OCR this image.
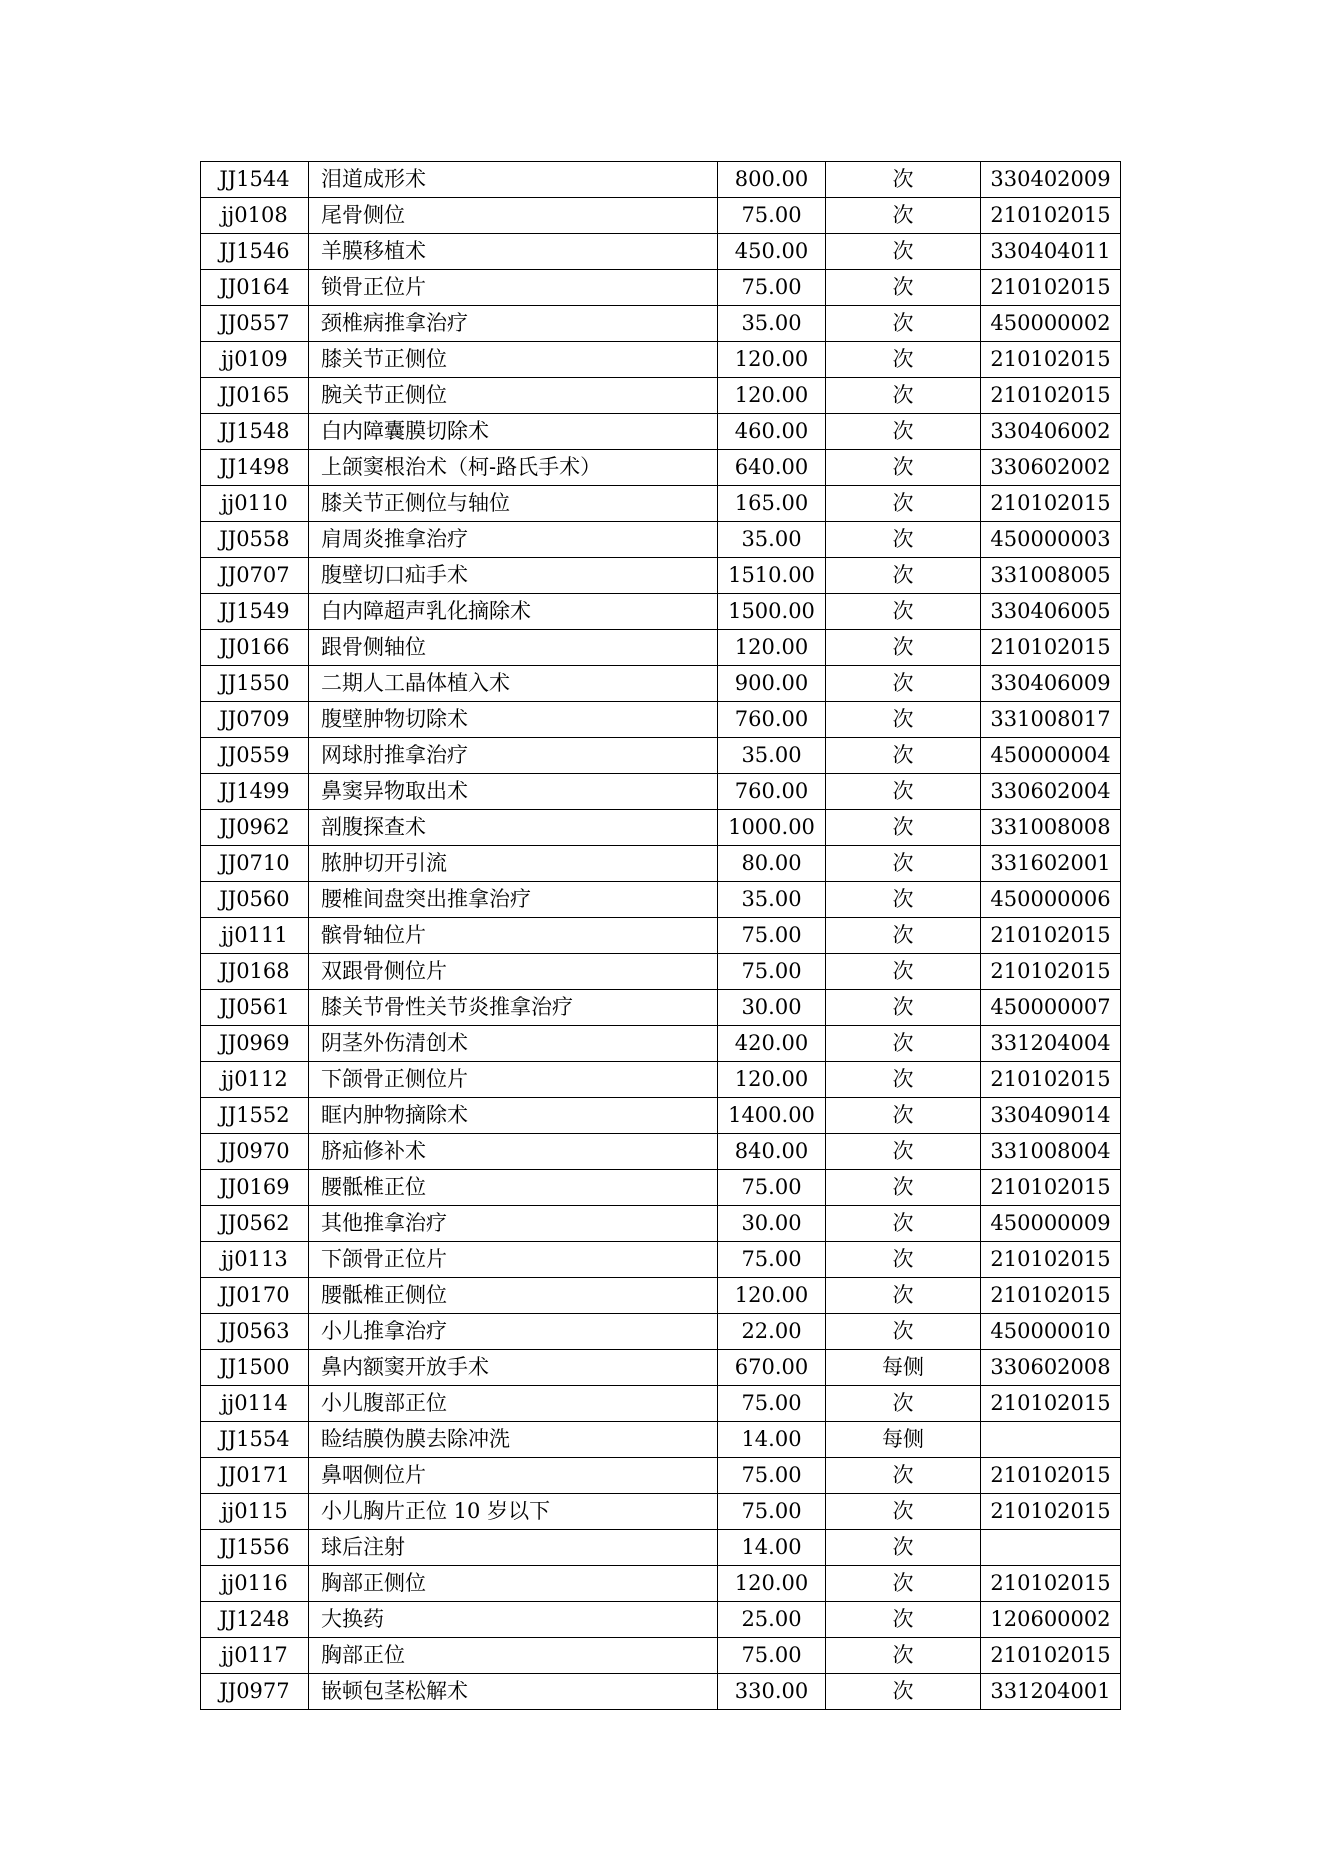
JJ1544	泪道成形术	800.00	次	330402009
jj0108	尾骨侧位	75.00	次	210102015
JJ1546	羊膜移植术	450.00	次	330404011
JJ0164	锁骨正位片	75.00	次	210102015
JJ0557	颈椎病推拿治疗	35.00	次	450000002
jj0109	膝关节正侧位	120.00	次	210102015
JJ0165	腕关节正侧位	120.00	次	210102015
JJ1548	白内障囊膜切除术	460.00	次	330406002
JJ1498	上颌窦根治术（柯-路氏手术）	640.00	次	330602002
jj0110	膝关节正侧位与轴位	165.00	次	210102015
JJ0558	肩周炎推拿治疗	35.00	次	450000003
JJ0707	腹壁切口疝手术	1510.00	次	331008005
JJ1549	白内障超声乳化摘除术	1500.00	次	330406005
JJ0166	跟骨侧轴位	120.00	次	210102015
JJ1550	二期人工晶体植入术	900.00	次	330406009
JJ0709	腹壁肿物切除术	760.00	次	331008017
JJ0559	网球肘推拿治疗	35.00	次	450000004
JJ1499	鼻窦异物取出术	760.00	次	330602004
JJ0962	剖腹探查术	1000.00	次	331008008
JJ0710	脓肿切开引流	80.00	次	331602001
JJ0560	腰椎间盘突出推拿治疗	35.00	次	450000006
jj0111	髌骨轴位片	75.00	次	210102015
JJ0168	双跟骨侧位片	75.00	次	210102015
JJ0561	膝关节骨性关节炎推拿治疗	30.00	次	450000007
JJ0969	阴茎外伤清创术	420.00	次	331204004
jj0112	下颌骨正侧位片	120.00	次	210102015
JJ1552	眶内肿物摘除术	1400.00	次	330409014
JJ0970	脐疝修补术	840.00	次	331008004
JJ0169	腰骶椎正位	75.00	次	210102015
JJ0562	其他推拿治疗	30.00	次	450000009
jj0113	下颌骨正位片	75.00	次	210102015
JJ0170	腰骶椎正侧位	120.00	次	210102015
JJ0563	小儿推拿治疗	22.00	次	450000010
JJ1500	鼻内额窦开放手术	670.00	每侧	330602008
jj0114	小儿腹部正位	75.00	次	210102015
JJ1554	睑结膜伪膜去除冲洗	14.00	每侧	
JJ0171	鼻咽侧位片	75.00	次	210102015
jj0115	小儿胸片正位 10 岁以下	75.00	次	210102015
JJ1556	球后注射	14.00	次	
jj0116	胸部正侧位	120.00	次	210102015
JJ1248	大换药	25.00	次	120600002
jj0117	胸部正位	75.00	次	210102015
JJ0977	嵌顿包茎松解术	330.00	次	331204001
